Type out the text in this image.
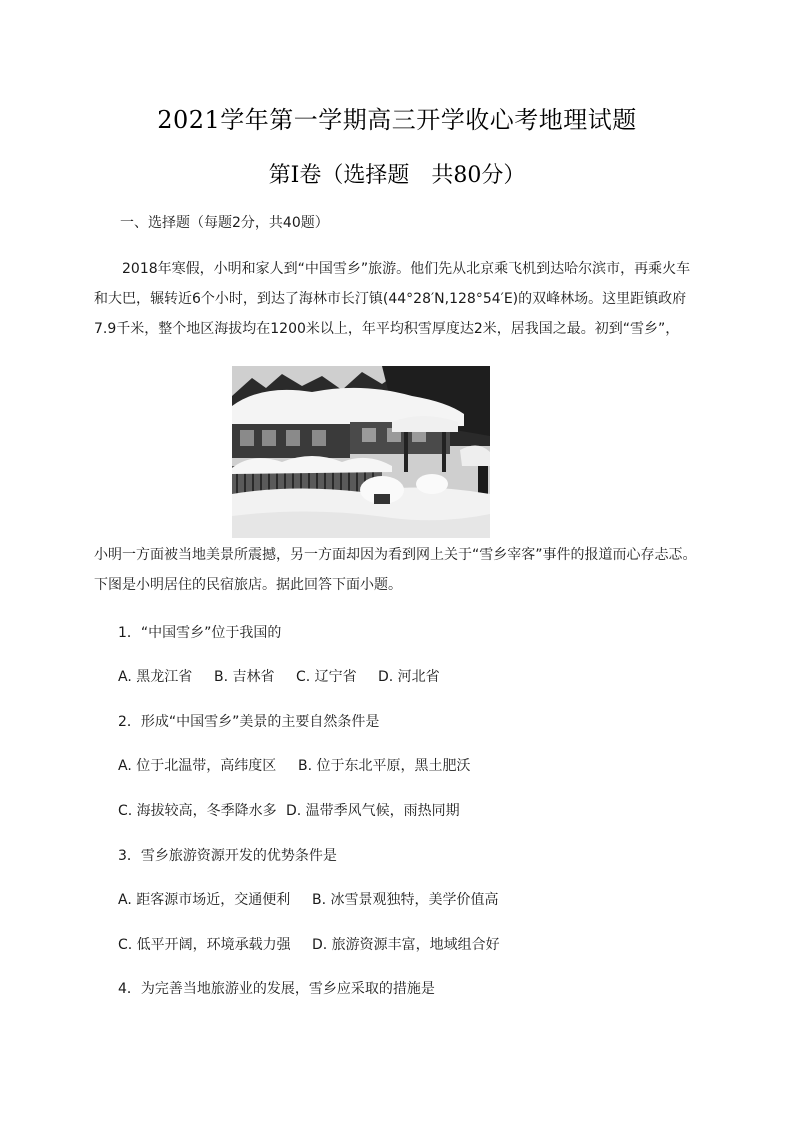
2021学年第一学期高三开学收心考地理试题
第Ⅰ卷（选择题　共80分）
一、选择题（每题2分，共40题）
2018年寒假，小明和家人到“中国雪乡”旅游。他们先从北京乘飞机到达哈尔滨市，再乘火车
和大巴，辗转近6个小时，到达了海林市长汀镇(44°28′N,128°54′E)的双峰林场。这里距镇政府
7.9千米，整个地区海拔均在1200米以上，年平均积雪厚度达2米，居我国之最。初到“雪乡”，
小明一方面被当地美景所震撼，另一方面却因为看到网上关于“雪乡宰客”事件的报道而心存忐忑。
下图是小明居住的民宿旅店。据此回答下面小题。
1．“中国雪乡”位于我国的
A. 黑龙江省 B. 吉林省 C. 辽宁省 D. 河北省
2．形成“中国雪乡”美景的主要自然条件是
A. 位于北温带，高纬度区 B. 位于东北平原，黑土肥沃
C. 海拔较高，冬季降水多 D. 温带季风气候，雨热同期
3．雪乡旅游资源开发的优势条件是
A. 距客源市场近，交通便利 B. 冰雪景观独特，美学价值高
C. 低平开阔，环境承载力强 D. 旅游资源丰富，地域组合好
4．为完善当地旅游业的发展，雪乡应采取的措施是
